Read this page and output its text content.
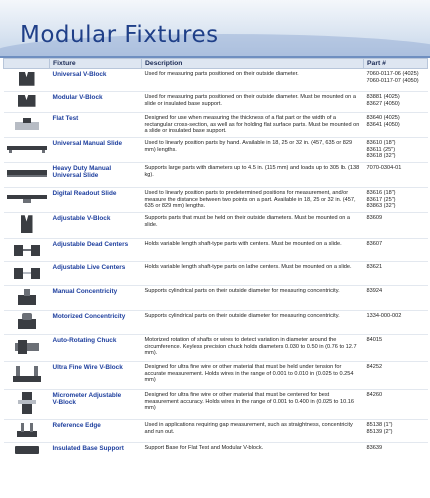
Modular Fixtures
	Fixture	Description	Part #

	Universal V-Block	Used for measuring parts positioned on their outside diameter.	7060-0117-06 (4025)
7060-0117-07 (4050)

	Modular V-Block	Used for measuring parts positioned on their outside diameter. Must be mounted on a slide or insulated base support.	83881 (4025)
83627 (4050)

	Flat Test	Designed for use when measuring the thickness of a flat part or the width of a rectangular cross-section, as well as for holding flat surface parts. Must be mounted on a slide or insulated base support.	83640 (4025)
83641 (4050)

	Universal Manual Slide	Used to linearly position parts by hand. Available in 18, 25 or 32 in. (457, 635 or 829 mm) lengths.	83610 (18")
83611 (25")
83618 (32")

	Heavy Duty Manual
Universal Slide	Supports large parts with diameters up to 4.5 in. (115 mm) and loads up to 305 lb. (138 kg).	7070-0304-01

	Digital Readout Slide	Used to linearly position parts to predetermined positions for measurement, and/or measure the distance between two points on a part. Available in 18, 25 or 32 in. (457, 635 or 829 mm) lengths.	83616 (18")
83617 (25")
83863 (32")

	Adjustable V-Block	Supports parts that must be held on their outside diameters. Must be mounted on a slide.	83609

	Adjustable Dead Centers	Holds variable length shaft-type parts with centers. Must be mounted on a slide.	83607

	Adjustable Live Centers	Holds variable length shaft-type parts on lathe centers. Must be mounted on a slide.	83621

	Manual Concentricity	Supports cylindrical parts on their outside diameter for measuring concentricity.	83924

	Motorized Concentricity	Supports cylindrical parts on their outside diameter for measuring concentricity.	1334-000-002

	Auto-Rotating Chuck	Motorized rotation of shafts or wires to detect variation in diameter around the circumference. Keyless precision chuck holds diameters 0.030 to 0.50 in (0.76 to 12.7 mm).	84015

	Ultra Fine Wire V-Block	Designed for ultra fine wire or other material that must be held under tension for accurate measurement. Holds wires in the range of 0.001 to 0.010 in (0.025 to 0.254 mm)	84252

	Micrometer Adjustable
V-Block	Designed for ultra fine wire or other material that must be centered for best measurement accuracy. Holds wires in the range of 0.001 to 0.400 in (0.025 to 10.16 mm)	84260

	Reference Edge	Used in applications requiring gap measurement, such as straightness, concentricity and run out.	85138 (1")
85139 (2")

	Insulated Base Support	Support Base for Flat Test and Modular V-block.	83639
